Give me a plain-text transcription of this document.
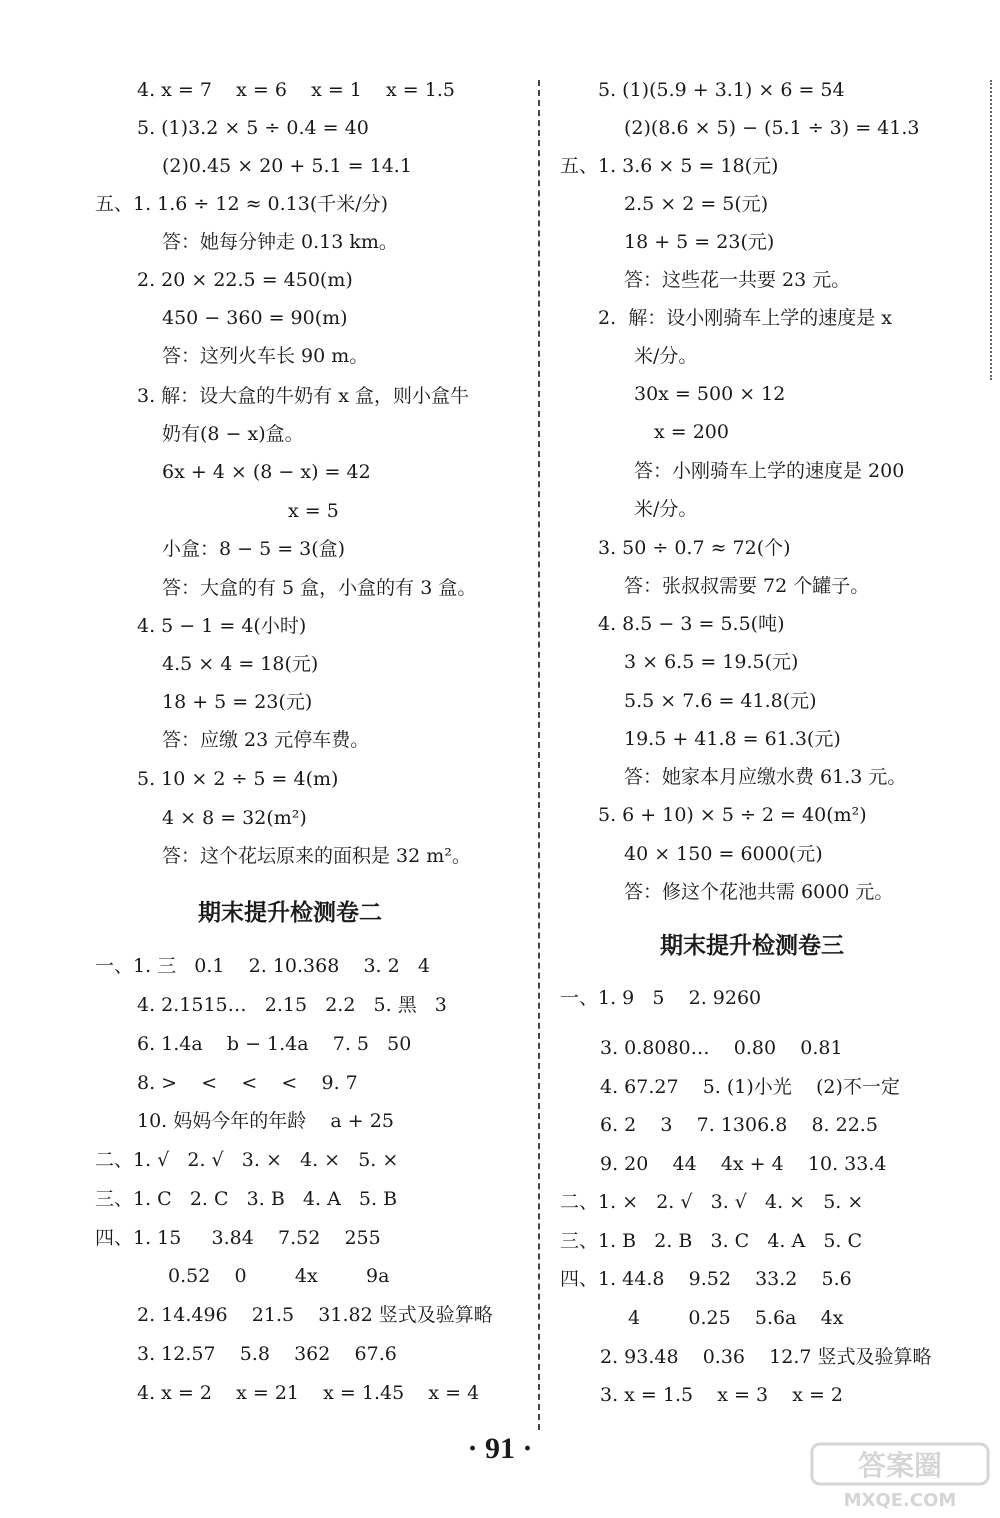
4. x = 7    x = 6    x = 1    x = 1.5
5. (1)3.2 × 5 ÷ 0.4 = 40
(2)0.45 × 20 + 5.1 = 14.1
五、1. 1.6 ÷ 12 ≈ 0.13(千米/分)
答：她每分钟走 0.13 km。
2. 20 × 22.5 = 450(m)
450 − 360 = 90(m)
答：这列火车长 90 m。
3. 解：设大盒的牛奶有 x 盒，则小盒牛
奶有(8 − x)盒。
6x + 4 × (8 − x) = 42
x = 5
小盒：8 − 5 = 3(盒)
答：大盒的有 5 盒，小盒的有 3 盒。
4. 5 − 1 = 4(小时)
4.5 × 4 = 18(元)
18 + 5 = 23(元)
答：应缴 23 元停车费。
5. 10 × 2 ÷ 5 = 4(m)
4 × 8 = 32(m²)
答：这个花坛原来的面积是 32 m²。
期末提升检测卷二
一、1. 三   0.1    2. 10.368    3. 2   4
4. 2.1515…   2.15   2.2   5. 黑   3
6. 1.4a    b − 1.4a    7. 5   50
8. >    <    <    <    9. 7
10. 妈妈今年的年龄    a + 25
二、1. √   2. √   3. ×   4. ×   5. ×
三、1. C   2. C   3. B   4. A   5. B
四、1. 15     3.84    7.52    255
0.52    0        4x        9a
2. 14.496    21.5    31.82 竖式及验算略
3. 12.57    5.8    362    67.6
4. x = 2    x = 21    x = 1.45    x = 4
5. (1)(5.9 + 3.1) × 6 = 54
(2)(8.6 × 5) − (5.1 ÷ 3) = 41.3
五、1. 3.6 × 5 = 18(元)
2.5 × 2 = 5(元)
18 + 5 = 23(元)
答：这些花一共要 23 元。
2.  解：设小刚骑车上学的速度是 x
米/分。
30x = 500 × 12
x = 200
答：小刚骑车上学的速度是 200
米/分。
3. 50 ÷ 0.7 ≈ 72(个)
答：张叔叔需要 72 个罐子。
4. 8.5 − 3 = 5.5(吨)
3 × 6.5 = 19.5(元)
5.5 × 7.6 = 41.8(元)
19.5 + 41.8 = 61.3(元)
答：她家本月应缴水费 61.3 元。
5. 6 + 10) × 5 ÷ 2 = 40(m²)
40 × 150 = 6000(元)
答：修这个花池共需 6000 元。
期末提升检测卷三
一、1. 9   5    2. 9260
3. 0.8080…    0.80    0.81
4. 67.27    5. (1)小光    (2)不一定
6. 2    3    7. 1306.8    8. 22.5
9. 20    44    4x + 4    10. 33.4
二、1. ×   2. √   3. √   4. ×   5. ×
三、1. B   2. B   3. C   4. A   5. C
四、1. 44.8    9.52    33.2    5.6
4        0.25    5.6a    4x
2. 93.48    0.36    12.7 竖式及验算略
3. x = 1.5    x = 3    x = 2
· 91 ·
答案圈
MXQE.COM
